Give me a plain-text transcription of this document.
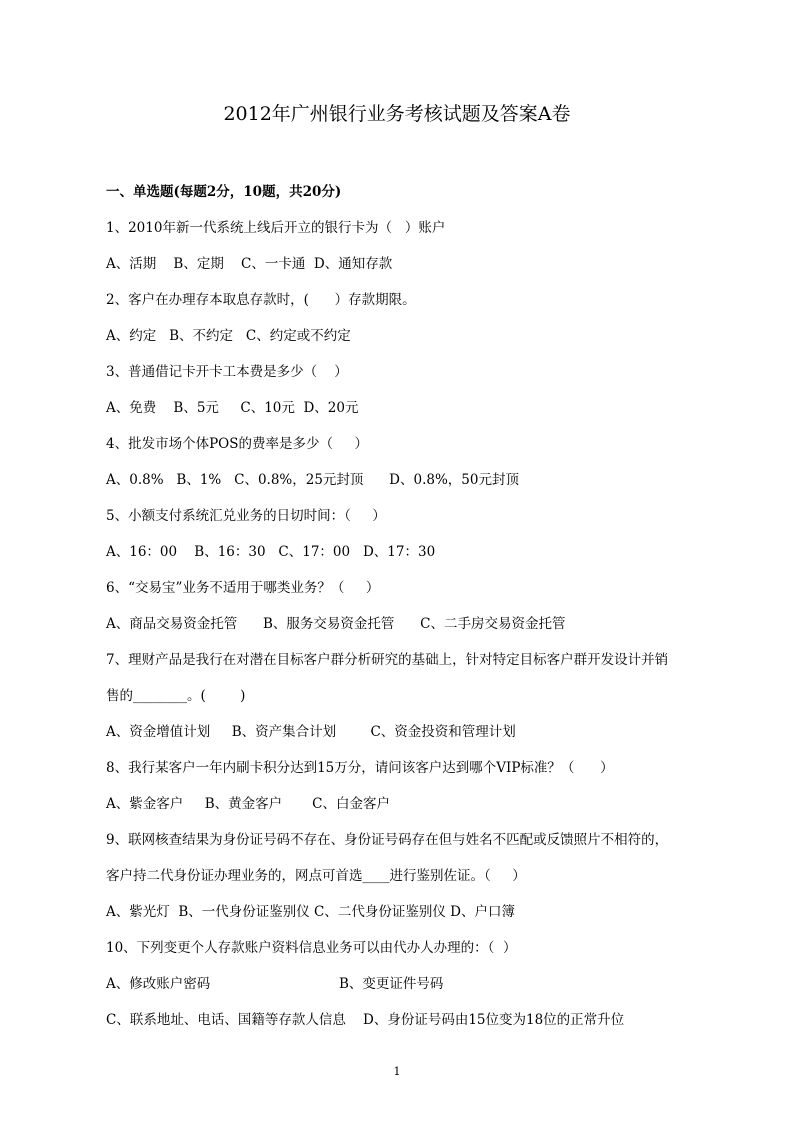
2012年广州银行业务考核试题及答案A卷
一、单选题(每题2分，10题，共20分)
1、2010年新一代系统上线后开立的银行卡为（   ）账户
A、活期    B、定期    C、一卡通  D、通知存款
2、客户在办理存本取息存款时，(      ）存款期限。
A、约定   B、不约定   C、约定或不约定
3、普通借记卡开卡工本费是多少（    ）
A、免费    B、5元     C、10元  D、20元
4、批发市场个体POS的费率是多少（     ）
A、0.8%   B、1%   C、0.8%，25元封顶      D、0.8%，50元封顶
5、小额支付系统汇兑业务的日切时间：（     ）
A、16：00    B、16：30   C、17：00   D、17：30
6、“交易宝”业务不适用于哪类业务？（     ）
A、商品交易资金托管      B、服务交易资金托管      C、二手房交易资金托管
7、理财产品是我行在对潜在目标客户群分析研究的基础上，针对特定目标客户群开发设计并销
售的________。(        )
A、资金增值计划     B、资产集合计划        C、资金投资和管理计划
8、我行某客户一年内刷卡积分达到15万分，请问该客户达到哪个VIP标准？（      ）
A、紫金客户     B、黄金客户       C、白金客户
9、联网核查结果为身份证号码不存在、身份证号码存在但与姓名不匹配或反馈照片不相符的，
客户持二代身份证办理业务的，网点可首选____进行鉴别佐证。（     ）
A、紫光灯  B、一代身份证鉴别仪 C、二代身份证鉴别仪 D、户口簿
10、下列变更个人存款账户资料信息业务可以由代办人办理的：（  ）
A、修改账户密码                              B、变更证件号码
C、联系地址、电话、国籍等存款人信息    D、身份证号码由15位变为18位的正常升位
1
